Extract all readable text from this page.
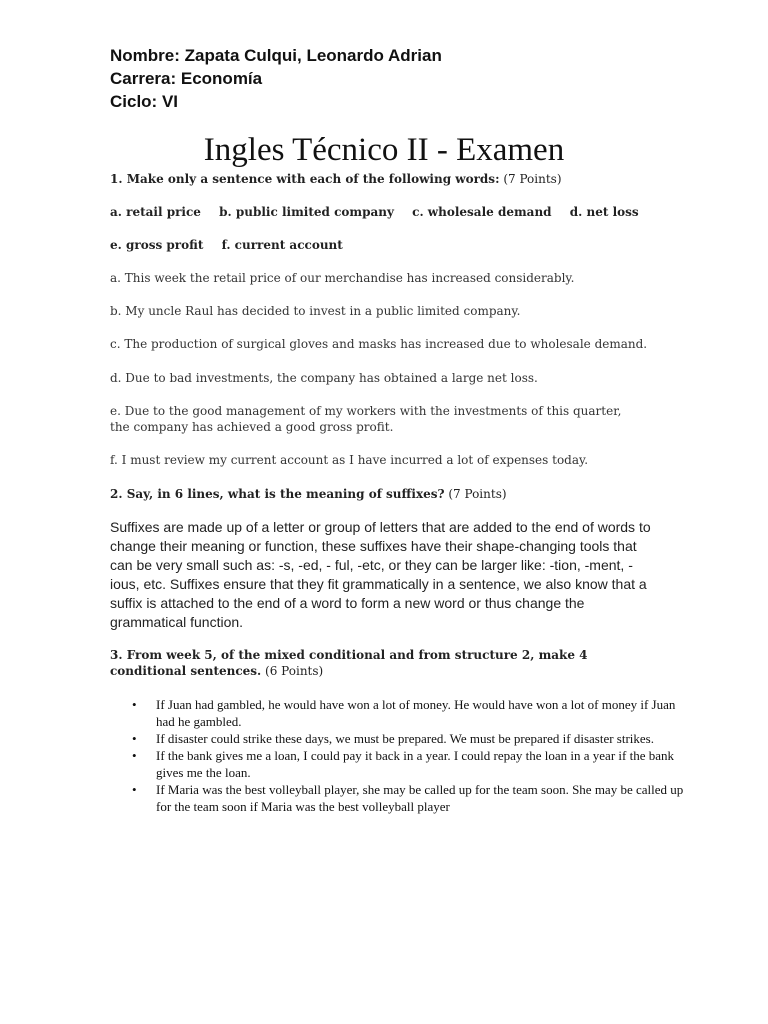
Nombre: Zapata Culqui, Leonardo Adrian
Carrera: Economía
Ciclo: VI
Ingles Técnico II - Examen
1. Make only a sentence with each of the following words: (7 Points)
a. retail price b. public limited company c. wholesale demand d. net loss
e. gross profit f. current account
a. This week the retail price of our merchandise has increased considerably.
b. My uncle Raul has decided to invest in a public limited company.
c. The production of surgical gloves and masks has increased due to wholesale demand.
d. Due to bad investments, the company has obtained a large net loss.
e. Due to the good management of my workers with the investments of this quarter, the company has achieved a good gross profit.
f. I must review my current account as I have incurred a lot of expenses today.
2. Say, in 6 lines, what is the meaning of suffixes? (7 Points)
Suffixes are made up of a letter or group of letters that are added to the end of words to change their meaning or function, these suffixes have their shape-changing tools that can be very small such as: -s, -ed, - ful, -etc, or they can be larger like: -tion, -ment, -ious, etc. Suffixes ensure that they fit grammatically in a sentence, we also know that a suffix is attached to the end of a word to form a new word or thus change the grammatical function.
3. From week 5, of the mixed conditional and from structure 2, make 4 conditional sentences. (6 Points)
• If Juan had gambled, he would have won a lot of money. He would have won a lot of money if Juan had he gambled.
• If disaster could strike these days, we must be prepared. We must be prepared if disaster strikes.
• If the bank gives me a loan, I could pay it back in a year. I could repay the loan in a year if the bank gives me the loan.
• If Maria was the best volleyball player, she may be called up for the team soon. She may be called up for the team soon if Maria was the best volleyball player
